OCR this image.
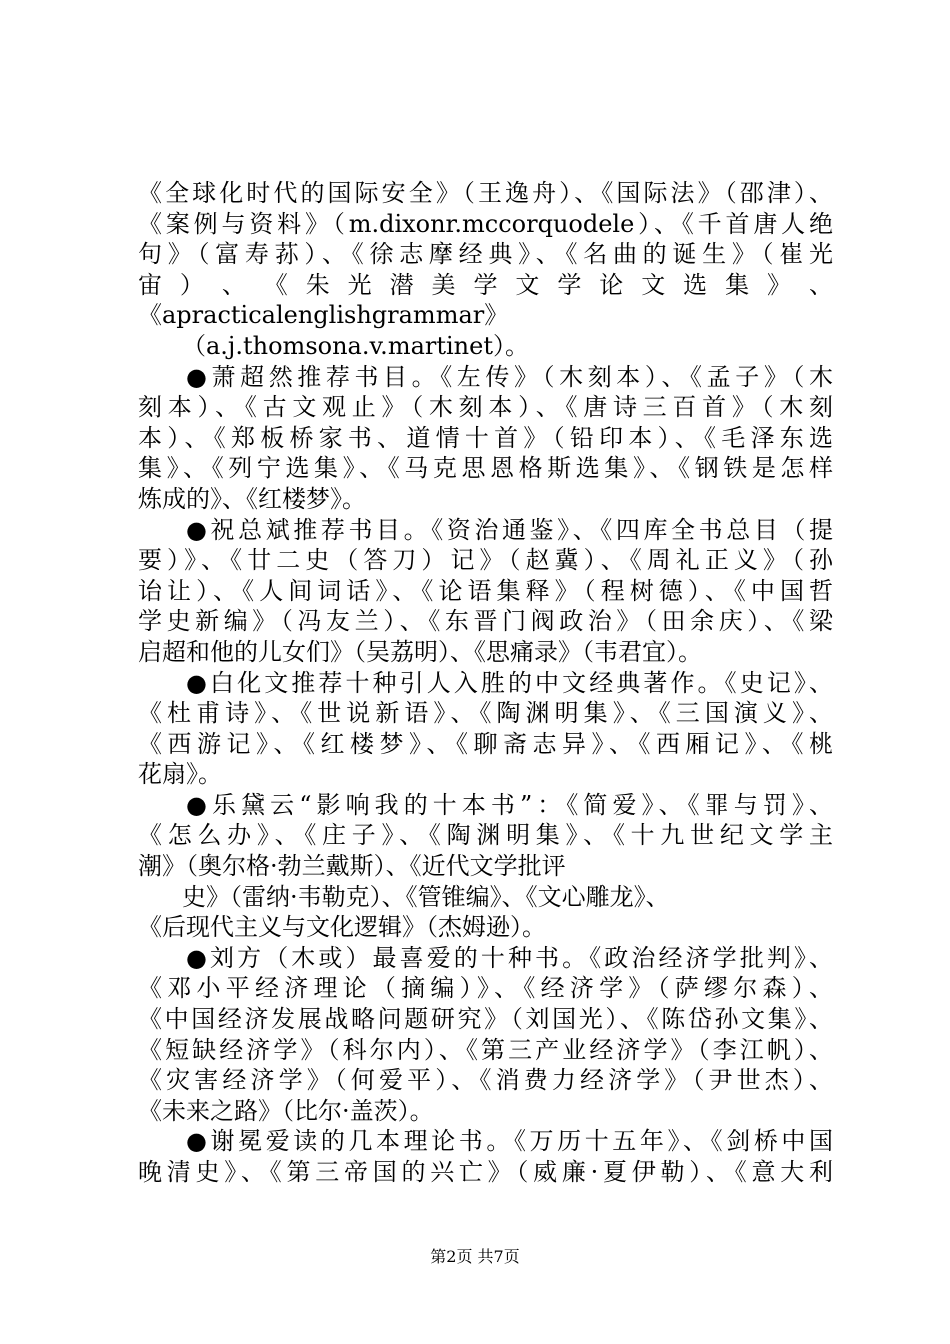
《全球化时代的国际安全》（王逸舟）、《国际法》（邵津）、
《案例与资料》（m.dixonr.mccorquodele）、《千首唐人绝
句》（富寿荪）、《徐志摩经典》、《名曲的诞生》（崔光
宙 ） 、 《 朱 光 潜 美 学 文 学 论 文 选 集 》 、
《apracticalenglishgrammar》
（a.j.thomsona.v.martinet）。
●萧超然推荐书目。《左传》（木刻本）、《孟子》（木
刻本）、《古文观止》（木刻本）、《唐诗三百首》（木刻
本）、《郑板桥家书、道情十首》（铅印本）、《毛泽东选
集》、《列宁选集》、《马克思恩格斯选集》、《钢铁是怎样
炼成的》、《红楼梦》。
●祝总斌推荐书目。《资治通鉴》、《四库全书总目（提
要）》、《廿二史（答刀）记》（赵冀）、《周礼正义》（孙
诒让）、《人间词话》、《论语集释》（程树德）、《中国哲
学史新编》（冯友兰）、《东晋门阀政治》（田余庆）、《梁
启超和他的儿女们》（吴荔明）、《思痛录》（韦君宜）。
●白化文推荐十种引人入胜的中文经典著作。《史记》、
《杜甫诗》、《世说新语》、《陶渊明集》、《三国演义》、
《西游记》、《红楼梦》、《聊斋志异》、《西厢记》、《桃
花扇》。
●乐黛云“影响我的十本书”：《简爱》、《罪与罚》、
《怎么办》、《庄子》、《陶渊明集》、《十九世纪文学主
潮》（奥尔格·勃兰戴斯）、《近代文学批评
史》（雷纳·韦勒克）、《管锥编》、《文心雕龙》、
《后现代主义与文化逻辑》（杰姆逊）。
●刘方（木或）最喜爱的十种书。《政治经济学批判》、
《邓小平经济理论（摘编）》、《经济学》（萨缪尔森）、
《中国经济发展战略问题研究》（刘国光）、《陈岱孙文集》、
《短缺经济学》（科尔内）、《第三产业经济学》（李江帆）、
《灾害经济学》（何爱平）、《消费力经济学》（尹世杰）、
《未来之路》（比尔·盖茨）。
●谢冕爱读的几本理论书。《万历十五年》、《剑桥中国
晚清史》、《第三帝国的兴亡》（威廉·夏伊勒）、《意大利
第2页 共7页
